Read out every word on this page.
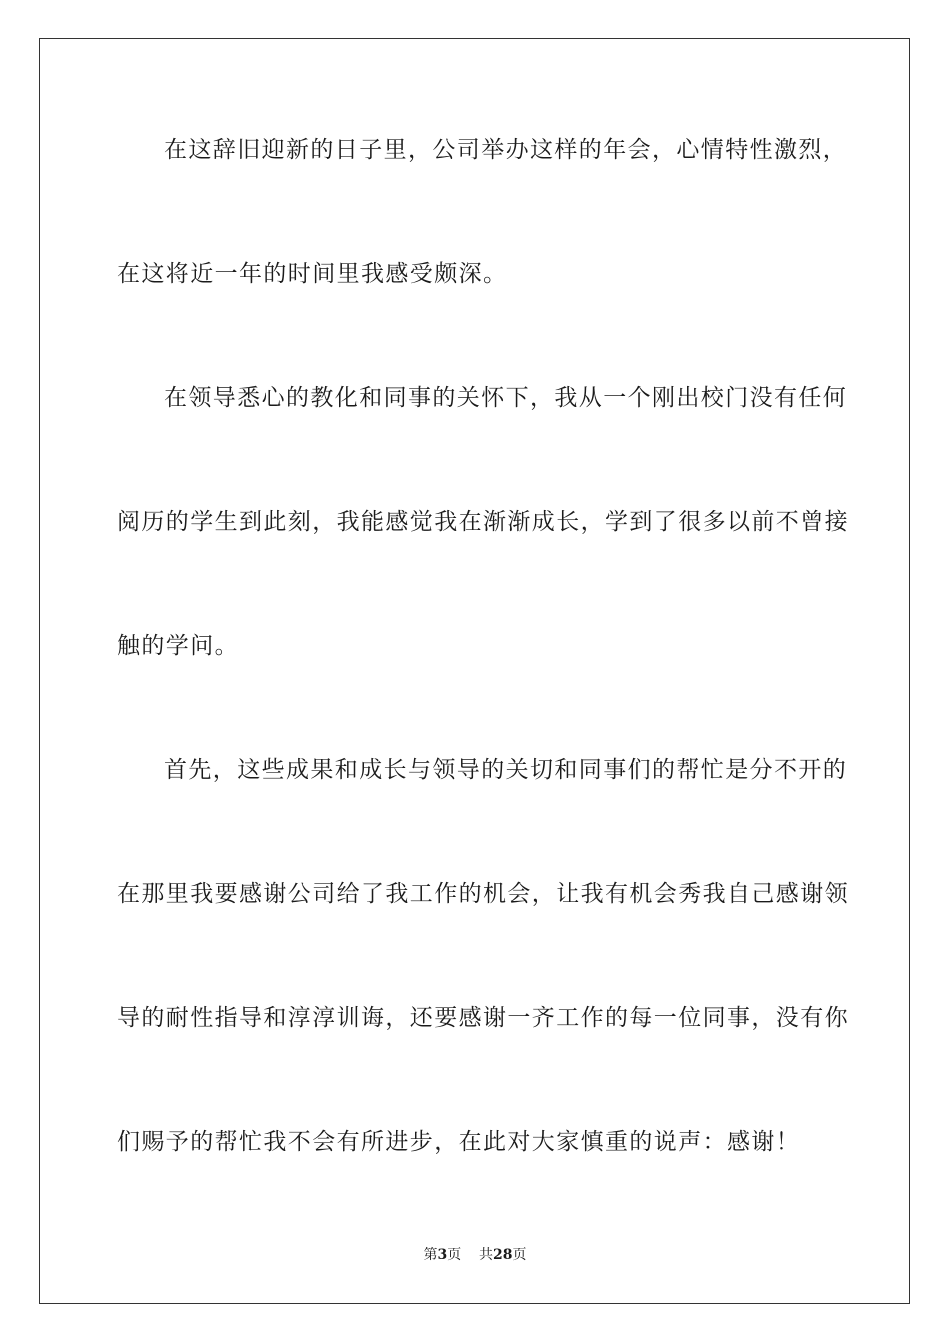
在这辞旧迎新的日子里，公司举办这样的年会，心情特性激烈，
在这将近一年的时间里我感受颇深。
在领导悉心的教化和同事的关怀下，我从一个刚出校门没有任何
阅历的学生到此刻，我能感觉我在渐渐成长，学到了很多以前不曾接
触的学问。
首先，这些成果和成长与领导的关切和同事们的帮忙是分不开的
在那里我要感谢公司给了我工作的机会，让我有机会秀我自己感谢领
导的耐性指导和淳淳训诲，还要感谢一齐工作的每一位同事，没有你
们赐予的帮忙我不会有所进步，在此对大家慎重的说声：感谢！
第3页 共28页
